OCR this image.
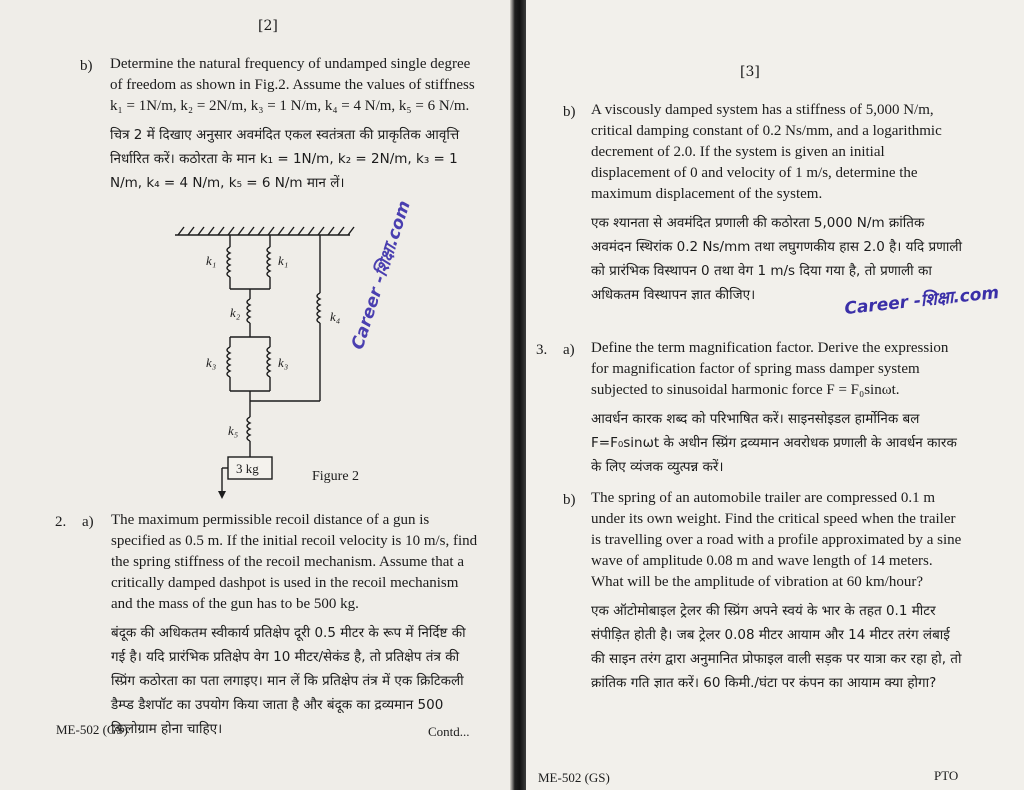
[2]
b) Determine the natural frequency of undamped single degree of freedom as shown in Fig.2. Assume the values of stiffness k₁ = 1N/m, k₂ = 2N/m, k₃ = 1 N/m, k₄ = 4 N/m, k₅ = 6 N/m.

चित्र 2 में दिखाए अनुसार अवमंदित एकल स्वतंत्रता की प्राकृतिक आवृत्ति निर्धारित करें। कठोरता के मान k₁ = 1N/m, k₂ = 2N/m, k₃ = 1 N/m, k₄ = 4 N/m, k₅ = 6 N/m मान लें।

k₁	k₁
k₂
k₃	k₃
k₄
k₅
3 kg
Figure 2
Career -शिक्षा.com
2. a) The maximum permissible recoil distance of a gun is specified as 0.5 m. If the initial recoil velocity is 10 m/s, find the spring stiffness of the recoil mechanism. Assume that a critically damped dashpot is used in the recoil mechanism and the mass of the gun has to be 500 kg.

बंदूक की अधिकतम स्वीकार्य प्रतिक्षेप दूरी 0.5 मीटर के रूप में निर्दिष्ट की गई है। यदि प्रारंभिक प्रतिक्षेप वेग 10 मीटर/सेकंड है, तो प्रतिक्षेप तंत्र की स्प्रिंग कठोरता का पता लगाइए। मान लें कि प्रतिक्षेप तंत्र में एक क्रिटिकली डैम्प्ड डैशपॉट का उपयोग किया जाता है और बंदूक का द्रव्यमान 500 किलोग्राम होना चाहिए।

ME-502 (GS)	Contd...
[3]
b) A viscously damped system has a stiffness of 5,000 N/m, critical damping constant of 0.2 Ns/mm, and a logarithmic decrement of 2.0. If the system is given an initial displacement of 0 and velocity of 1 m/s, determine the maximum displacement of the system.

एक श्यानता से अवमंदित प्रणाली की कठोरता 5,000 N/m क्रांतिक अवमंदन स्थिरांक 0.2 Ns/mm तथा लघुगणकीय हास 2.0 है। यदि प्रणाली को प्रारंभिक विस्थापन 0 तथा वेग 1 m/s दिया गया है, तो प्रणाली का अधिकतम विस्थापन ज्ञात कीजिए।	Career -शिक्षा.com
3. a) Define the term magnification factor. Derive the expression for magnification factor of spring mass damper system subjected to sinusoidal harmonic force F = F₀sinωt.

आवर्धन कारक शब्द को परिभाषित करें। साइनसोइडल हार्मोनिक बल F=F₀sinωt के अधीन स्प्रिंग द्रव्यमान अवरोधक प्रणाली के आवर्धन कारक के लिए व्यंजक व्युत्पन्न करें।

b) The spring of an automobile trailer are compressed 0.1 m under its own weight. Find the critical speed when the trailer is travelling over a road with a profile approximated by a sine wave of amplitude 0.08 m and wave length of 14 meters. What will be the amplitude of vibration at 60 km/hour?

एक ऑटोमोबाइल ट्रेलर की स्प्रिंग अपने स्वयं के भार के तहत 0.1 मीटर संपीड़ित होती है। जब ट्रेलर 0.08 मीटर आयाम और 14 मीटर तरंग लंबाई की साइन तरंग द्वारा अनुमानित प्रोफाइल वाली सड़क पर यात्रा कर रहा हो, तो क्रांतिक गति ज्ञात करें। 60 किमी./घंटा पर कंपन का आयाम क्या होगा?

ME-502 (GS)	PTO
